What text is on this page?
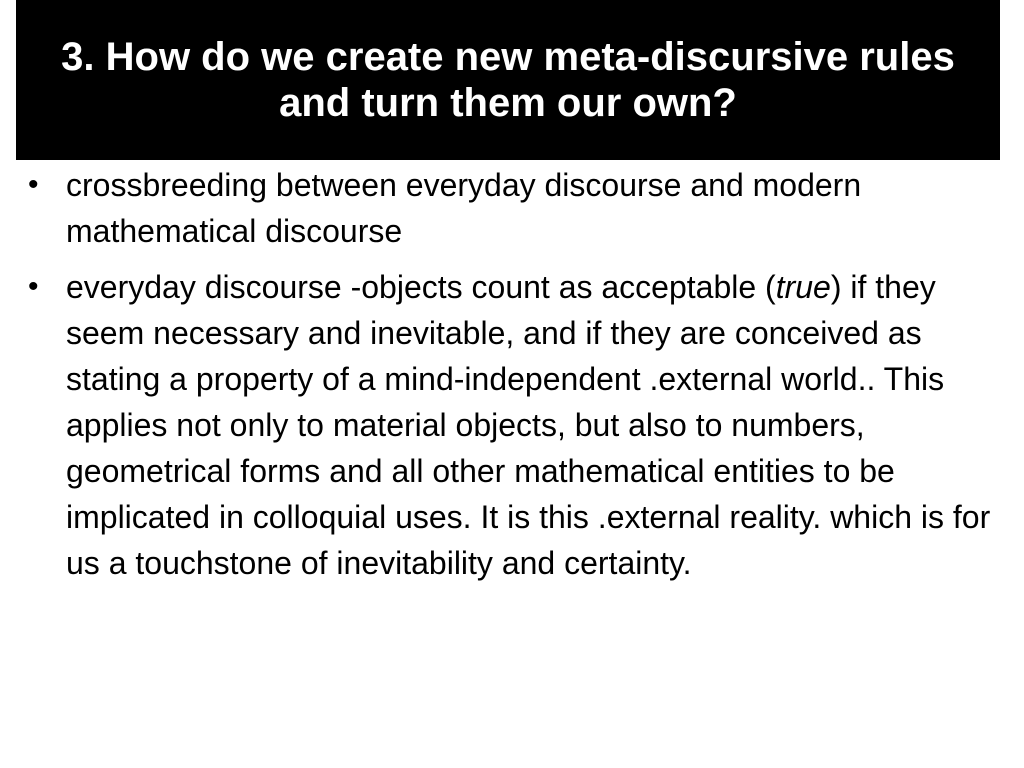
3. How do we create new meta-discursive rules and turn them our own?
• crossbreeding between everyday discourse and modern mathematical discourse
• everyday discourse -objects count as acceptable (true) if they seem necessary and inevitable, and if they are conceived as stating a property of a mind-independent .external world.. This applies not only to material objects, but also to numbers, geometrical forms and all other mathematical entities to be implicated in colloquial uses. It is this .external reality. which is for us a touchstone of inevitability and certainty.
